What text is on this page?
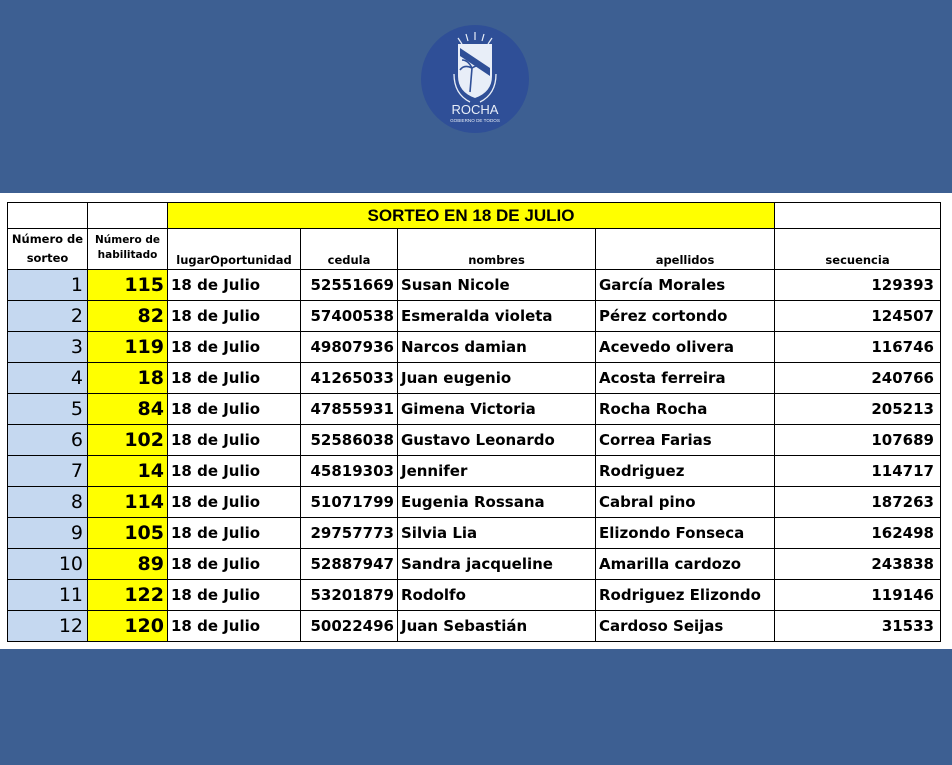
ROCHA
GOBIERNO DE TODOS
		SORTEO EN 18 DE JULIO				
Número de sorteo	Número de habilitado	lugarOportunidad	cedula	nombres	apellidos	secuencia
1	115	18 de Julio	52551669	Susan Nicole	García Morales	129393
2	82	18 de Julio	57400538	Esmeralda violeta	Pérez cortondo	124507
3	119	18 de Julio	49807936	Narcos damian	Acevedo olivera	116746
4	18	18 de Julio	41265033	Juan eugenio	Acosta ferreira	240766
5	84	18 de Julio	47855931	Gimena Victoria	Rocha Rocha	205213
6	102	18 de Julio	52586038	Gustavo Leonardo	Correa Farias	107689
7	14	18 de Julio	45819303	Jennifer	Rodriguez	114717
8	114	18 de Julio	51071799	Eugenia Rossana	Cabral pino	187263
9	105	18 de Julio	29757773	Silvia Lia	Elizondo Fonseca	162498
10	89	18 de Julio	52887947	Sandra jacqueline	Amarilla cardozo	243838
11	122	18 de Julio	53201879	Rodolfo	Rodriguez Elizondo	119146
12	120	18 de Julio	50022496	Juan Sebastián	Cardoso Seijas	31533
